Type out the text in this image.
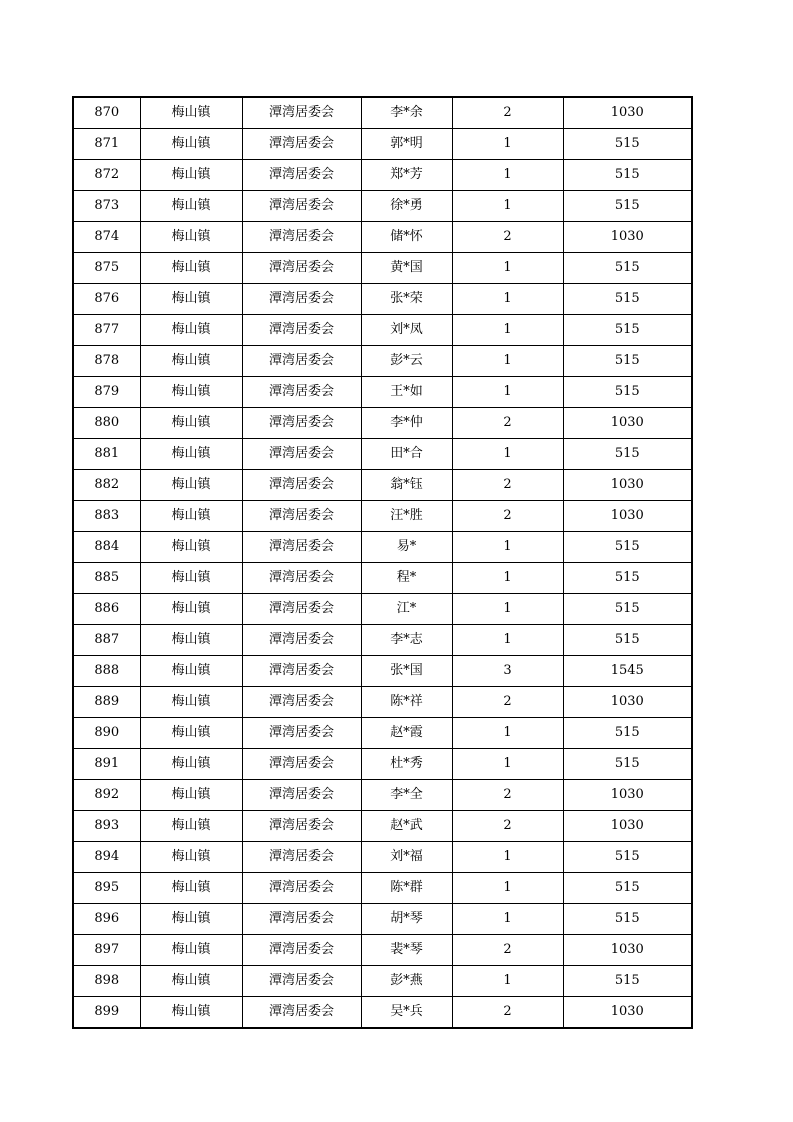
870	梅山镇	潭湾居委会	李*余	2	1030
871	梅山镇	潭湾居委会	郭*明	1	515
872	梅山镇	潭湾居委会	郑*芳	1	515
873	梅山镇	潭湾居委会	徐*勇	1	515
874	梅山镇	潭湾居委会	储*怀	2	1030
875	梅山镇	潭湾居委会	黄*国	1	515
876	梅山镇	潭湾居委会	张*荣	1	515
877	梅山镇	潭湾居委会	刘*凤	1	515
878	梅山镇	潭湾居委会	彭*云	1	515
879	梅山镇	潭湾居委会	王*如	1	515
880	梅山镇	潭湾居委会	李*仲	2	1030
881	梅山镇	潭湾居委会	田*合	1	515
882	梅山镇	潭湾居委会	翁*钰	2	1030
883	梅山镇	潭湾居委会	汪*胜	2	1030
884	梅山镇	潭湾居委会	易*	1	515
885	梅山镇	潭湾居委会	程*	1	515
886	梅山镇	潭湾居委会	江*	1	515
887	梅山镇	潭湾居委会	李*志	1	515
888	梅山镇	潭湾居委会	张*国	3	1545
889	梅山镇	潭湾居委会	陈*祥	2	1030
890	梅山镇	潭湾居委会	赵*霞	1	515
891	梅山镇	潭湾居委会	杜*秀	1	515
892	梅山镇	潭湾居委会	李*全	2	1030
893	梅山镇	潭湾居委会	赵*武	2	1030
894	梅山镇	潭湾居委会	刘*福	1	515
895	梅山镇	潭湾居委会	陈*群	1	515
896	梅山镇	潭湾居委会	胡*琴	1	515
897	梅山镇	潭湾居委会	裴*琴	2	1030
898	梅山镇	潭湾居委会	彭*燕	1	515
899	梅山镇	潭湾居委会	吴*兵	2	1030
